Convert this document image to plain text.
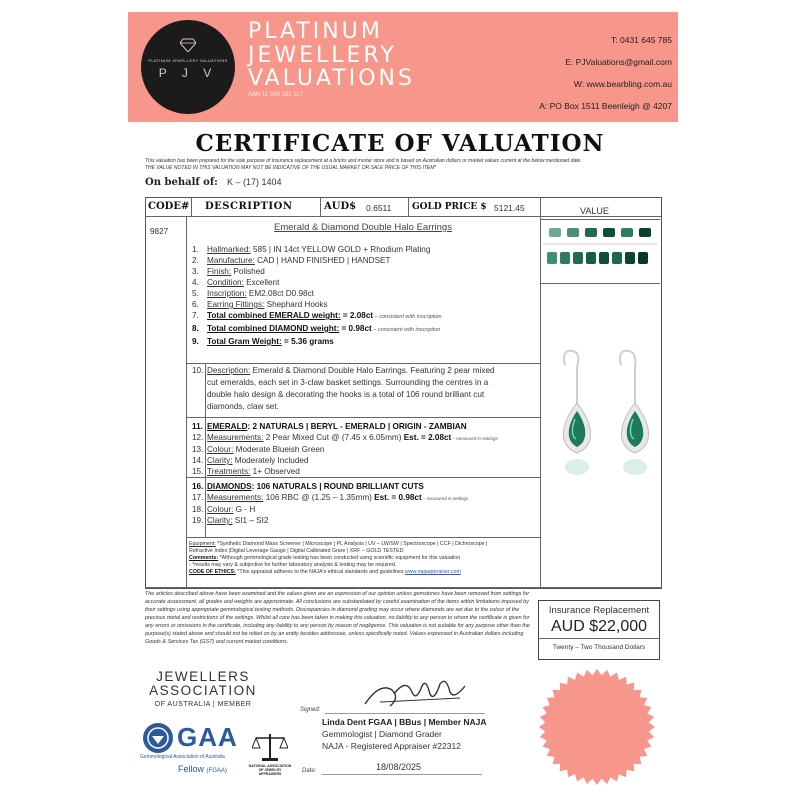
PLATINUM JEWELLERY VALUATIONS
P J V
PLATINUM
JEWELLERY
VALUATIONS
ABN 11 589 162 117
T: 0431 645 785
E: PJValuations@gmail.com
W: www.bearbling.com.au
A: PO Box 1511 Beenleigh @ 4207
CERTIFICATE OF VALUATION
This valuation has been prepared for the sole purpose of insurance replacement at a bricks and mortar store and is based on Australian dollars or market values current at the below mentioned date.
THE VALUE NOTED IN THIS VALUATION MAY NOT BE INDICATIVE OF THE USUAL MARKET OR SALE PRICE OF THIS ITEM*
On behalf of: K – (17) 1404
CODE# DESCRIPTION	AUD$ 0.6511 GOLD PRICE $ 5121.45	VALUE
9827	Emerald & Diamond Double Halo Earrings
1. Hallmarked: 585 | IN 14ct YELLOW GOLD + Rhodium Plating
2. Manufacture: CAD | HAND FINISHED | HANDSET
3. Finish: Polished
4. Condition: Excellent
5. Inscription: EM2.08ct D0.98ct
6. Earring Fittings: Shephard Hooks
7. Total combined EMERALD weight: = 2.08ct – consistent with inscription
8. Total combined DIAMOND weight: = 0.98ct – consistent with inscription
9. Total Gram Weight: = 5.36 grams
10. Description: Emerald & Diamond Double Halo Earrings. Featuring 2 pear mixed
cut emeralds, each set in 3-claw basket settings. Surrounding the centres in a
double halo design & decorating the hooks is a total of 106 round brilliant cut
diamonds, claw set.
11. EMERALD: 2 NATURALS | BERYL - EMERALD | ORIGIN - ZAMBIAN
12. Measurements: 2 Pear Mixed Cut @ (7.45 x 6.05mm) Est. = 2.08ct – measured in settings
13. Colour: Moderate Blueish Green
14. Clarity: Moderately Included
15. Treatments: 1+ Observed
16. DIAMONDS: 106 NATURALS | ROUND BRILLIANT CUTS
17. Measurements: 106 RBC @ (1.25 – 1.35mm) Est. = 0.98ct – measured in settings
18. Colour: G - H
19. Clarity: SI1 – SI2
Equipment: *Synthetic Diamond Mass Screener | Microscope | PL Analysis | UV – LW/SW | Spectroscope | CCF | Dichroscope |
Refractive Index |Digital Leverage Gauge | Digital Calibrated Grare | XRF – GOLD TESTED
Comments: *Although gemmological grade testing has been conducted using scientific equipment for this valuation
- *results may vary & subjective for further laboratory analysis & testing may be required.
CODE OF ETHICS: *This appraisal adheres to the NAJA's ethical standards and guidelines www.najaappraiser.com
The articles described above have been examined and the values given are an expression of our opinion unless gemstones have been removed from settings for accurate assessment, all grades and weights are approximate. All conclusions are substantiated by careful examination of the items within limitations imposed by their settings using appropriate gemmological testing methods. Discrepancies in diamond grading may occur where diamonds are set due to the colour of the precious metal and restrictions of the settings. Whilst all care has been taken in making this valuation, no liability to any person to whom the certificate is given for any errors or omissions in the certificate, including any liability to any person by reason of negligence. This valuation is not suitable for any purpose other than the purpose(s) stated above and should not be relied on by an entity besides addressee, unless specifically noted. Values expressed in Australian dollars including Goods & Services Tax (GST) and current market conditions.
Insurance Replacement
AUD $22,000
Twenty – Two Thousand Dollars
JEWELLERS
ASSOCIATION
OF AUSTRALIA | MEMBER
GAA
Gemmological Association of Australia
Fellow (FGAA)
NATIONAL ASSOCIATION OF JEWELRY APPRAISERS
Signed:
Linda Dent FGAA | BBus | Member NAJA
Gemmologist | Diamond Grader
NAJA - Registered Appraiser #22312
Date:	18/08/2025
